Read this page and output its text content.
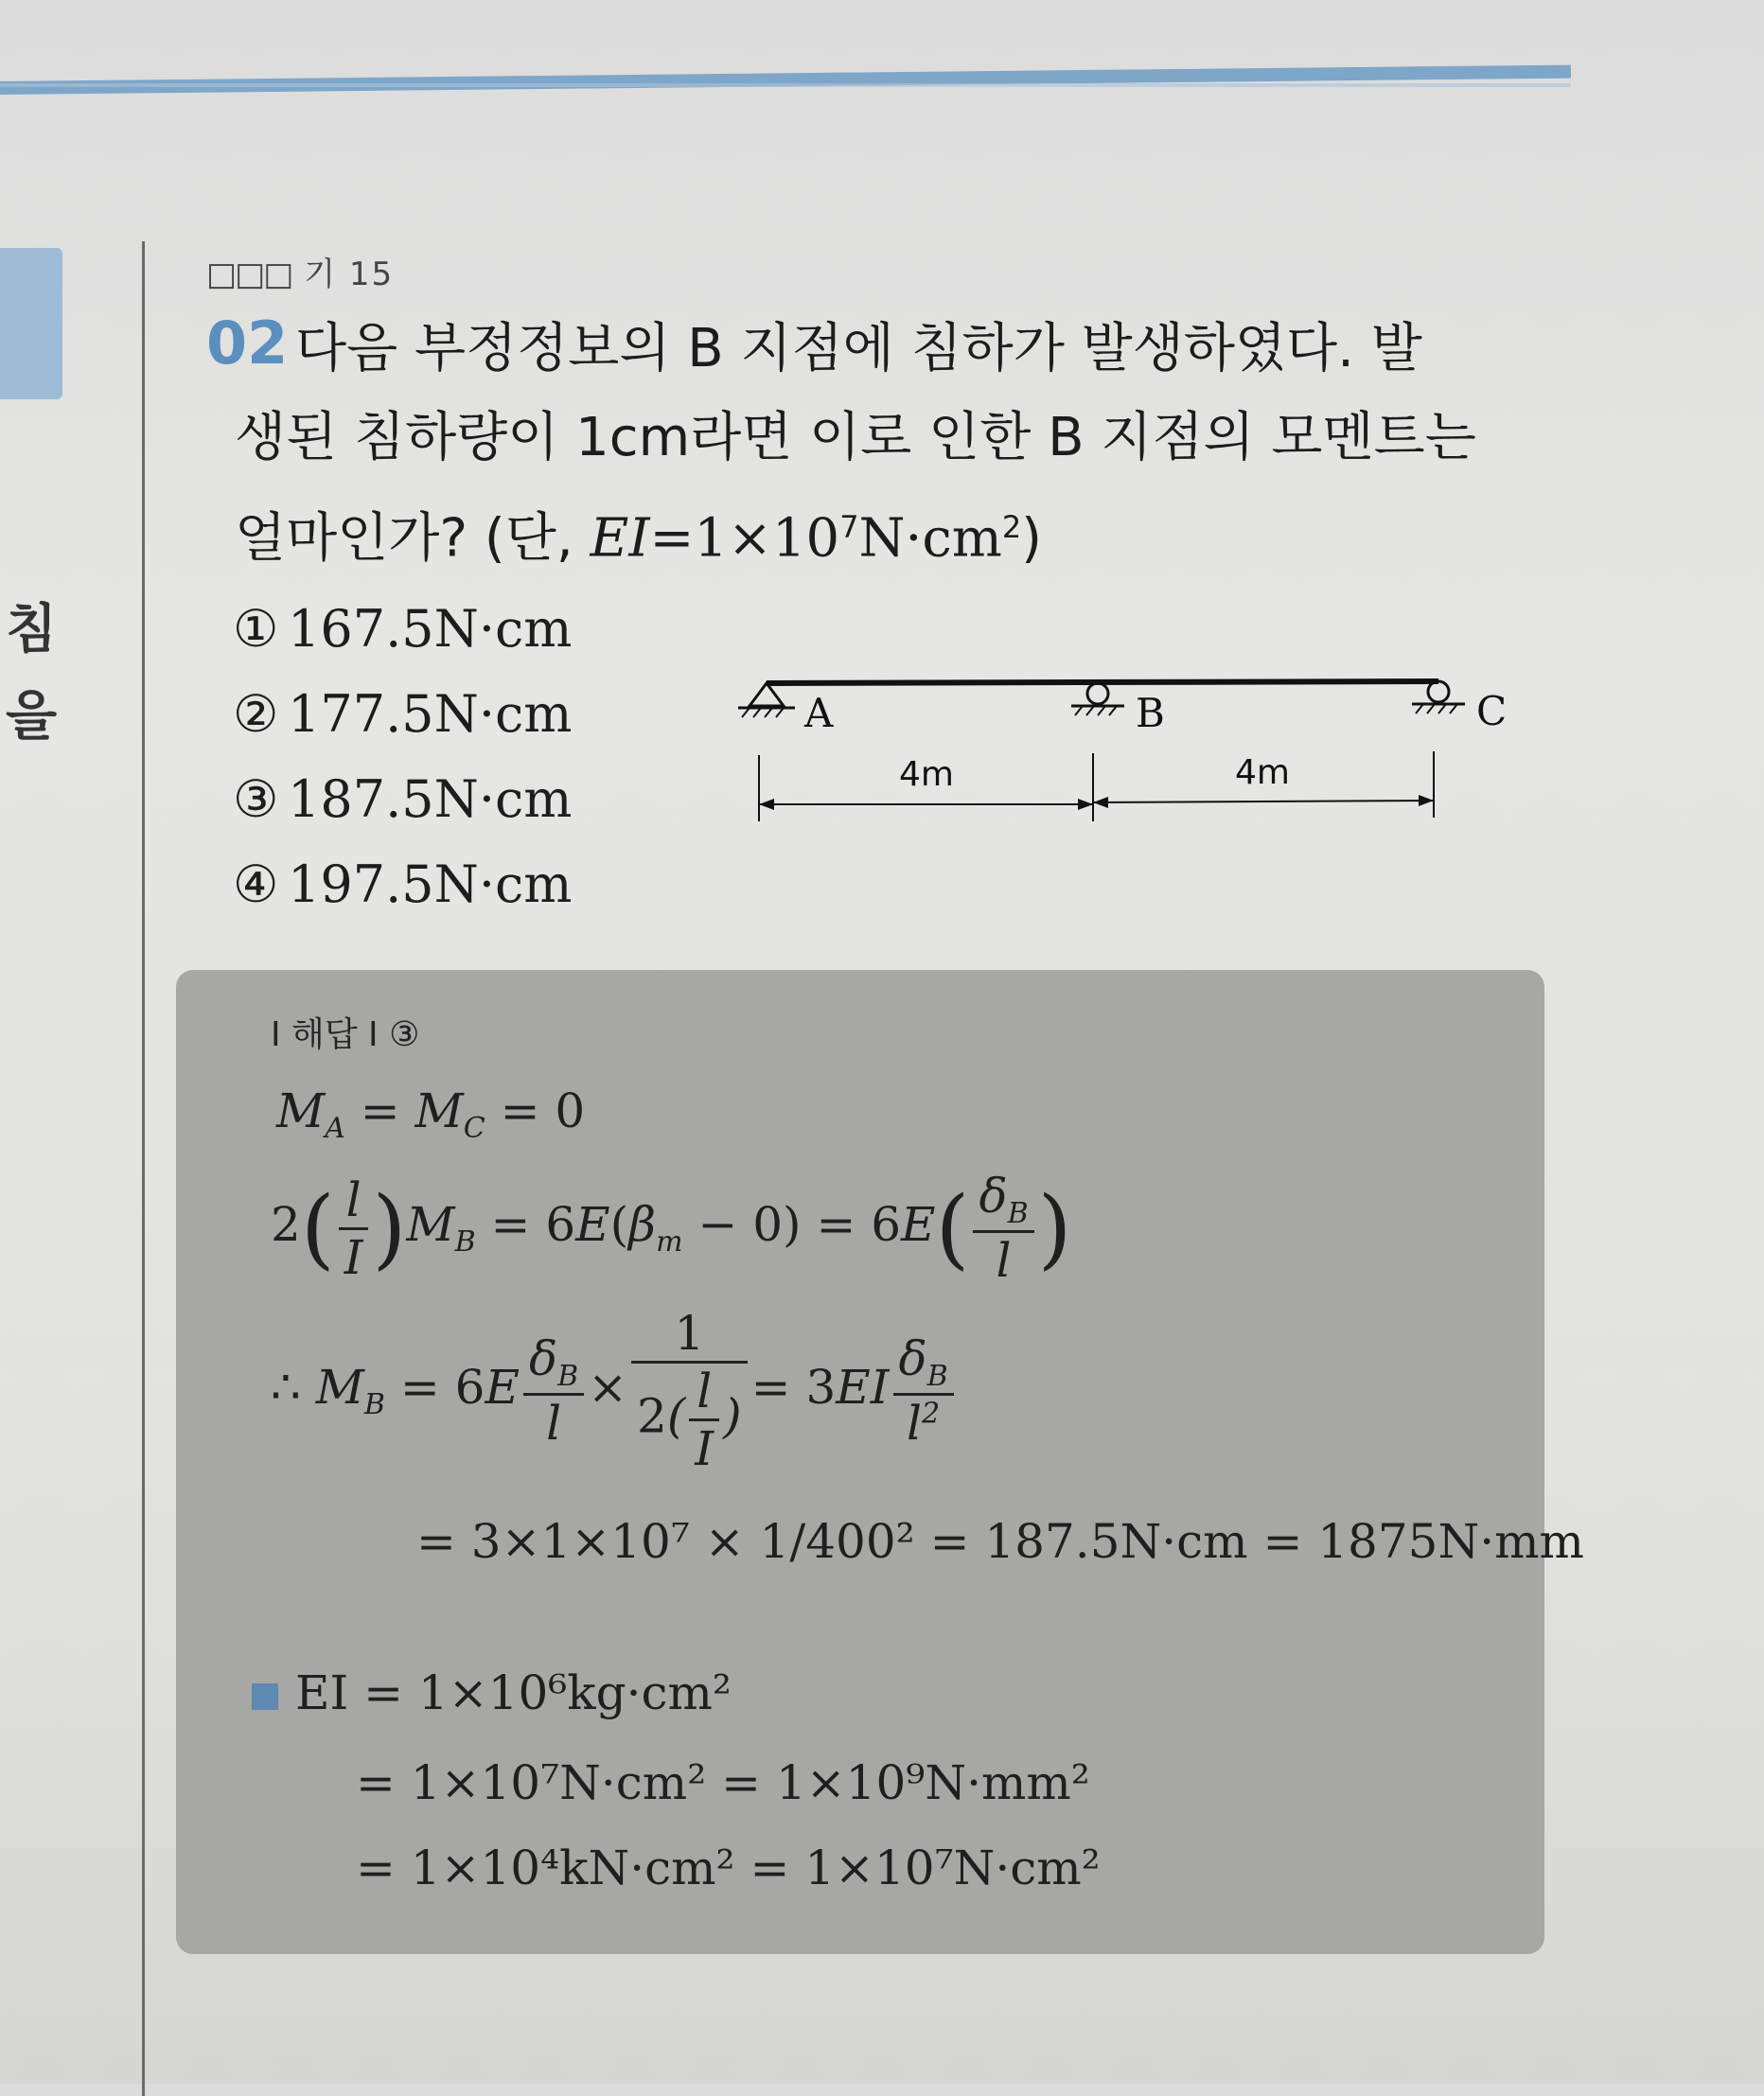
침
을
□□□ 기 15
02 다음 부정정보의 B 지점에 침하가 발생하였다. 발
생된 침하량이 1cm라면 이로 인한 B 지점의 모멘트는
얼마인가? (단, $EI=1\times 10^7N\cdot cm^2$)
① 167.5N·cm
② 177.5N·cm
③ 187.5N·cm
④ 197.5N·cm
A	B	C
4m	4m
I 해답 I ③
$M_A = M_C = 0$
$2( \frac{l}{I} )M_B = 6E(\beta_m - 0) = 6E( \frac{\delta_B}{l}$ )
∴ $M_B = 6E \frac{\delta_B}{l} \times \frac{1}{2( \frac{l}{I} )} = 3EI \frac{\delta_B}{l^2}$
= 3×1×10⁷ × 1/400² = 187.5N·cm = 1875N·mm
EI = 1×10⁶kg·cm²
= 1×10⁷N·cm² = 1×10⁹N·mm²
= 1×10⁴kN·cm² = 1×10⁷N·cm²
